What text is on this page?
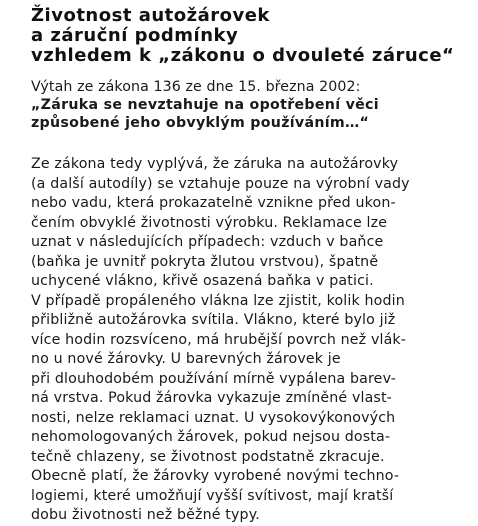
Životnost autožárovek
a záruční podmínky
vzhledem k „zákonu o dvouleté záruce“
Výtah ze zákona 136 ze dne 15. března 2002:
„Záruka se nevztahuje na opotřebení věci
způsobené jeho obvyklým používáním…“
Ze zákona tedy vyplývá, že záruka na autožárovky
(a další autodíly) se vztahuje pouze na výrobní vady
nebo vadu, která prokazatelně vznikne před ukon-
čením obvyklé životnosti výrobku. Reklamace lze
uznat v následujících případech: vzduch v baňce
(baňka je uvnitř pokryta žlutou vrstvou), špatně
uchycené vlákno, křivě osazená baňka v patici.
V případě propáleného vlákna lze zjistit, kolik hodin
přibližně autožárovka svítila. Vlákno, které bylo již
více hodin rozsvíceno, má hrubější povrch než vlák-
no u nové žárovky. U barevných žárovek je
při dlouhodobém používání mírně vypálena barev-
ná vrstva. Pokud žárovka vykazuje zmíněné vlast-
nosti, nelze reklamaci uznat. U vysokovýkonových
nehomologovaných žárovek, pokud nejsou dosta-
tečně chlazeny, se životnost podstatně zkracuje.
Obecně platí, že žárovky vyrobené novými techno-
logiemi, které umožňují vyšší svítivost, mají kratší
dobu životnosti než běžné typy.
